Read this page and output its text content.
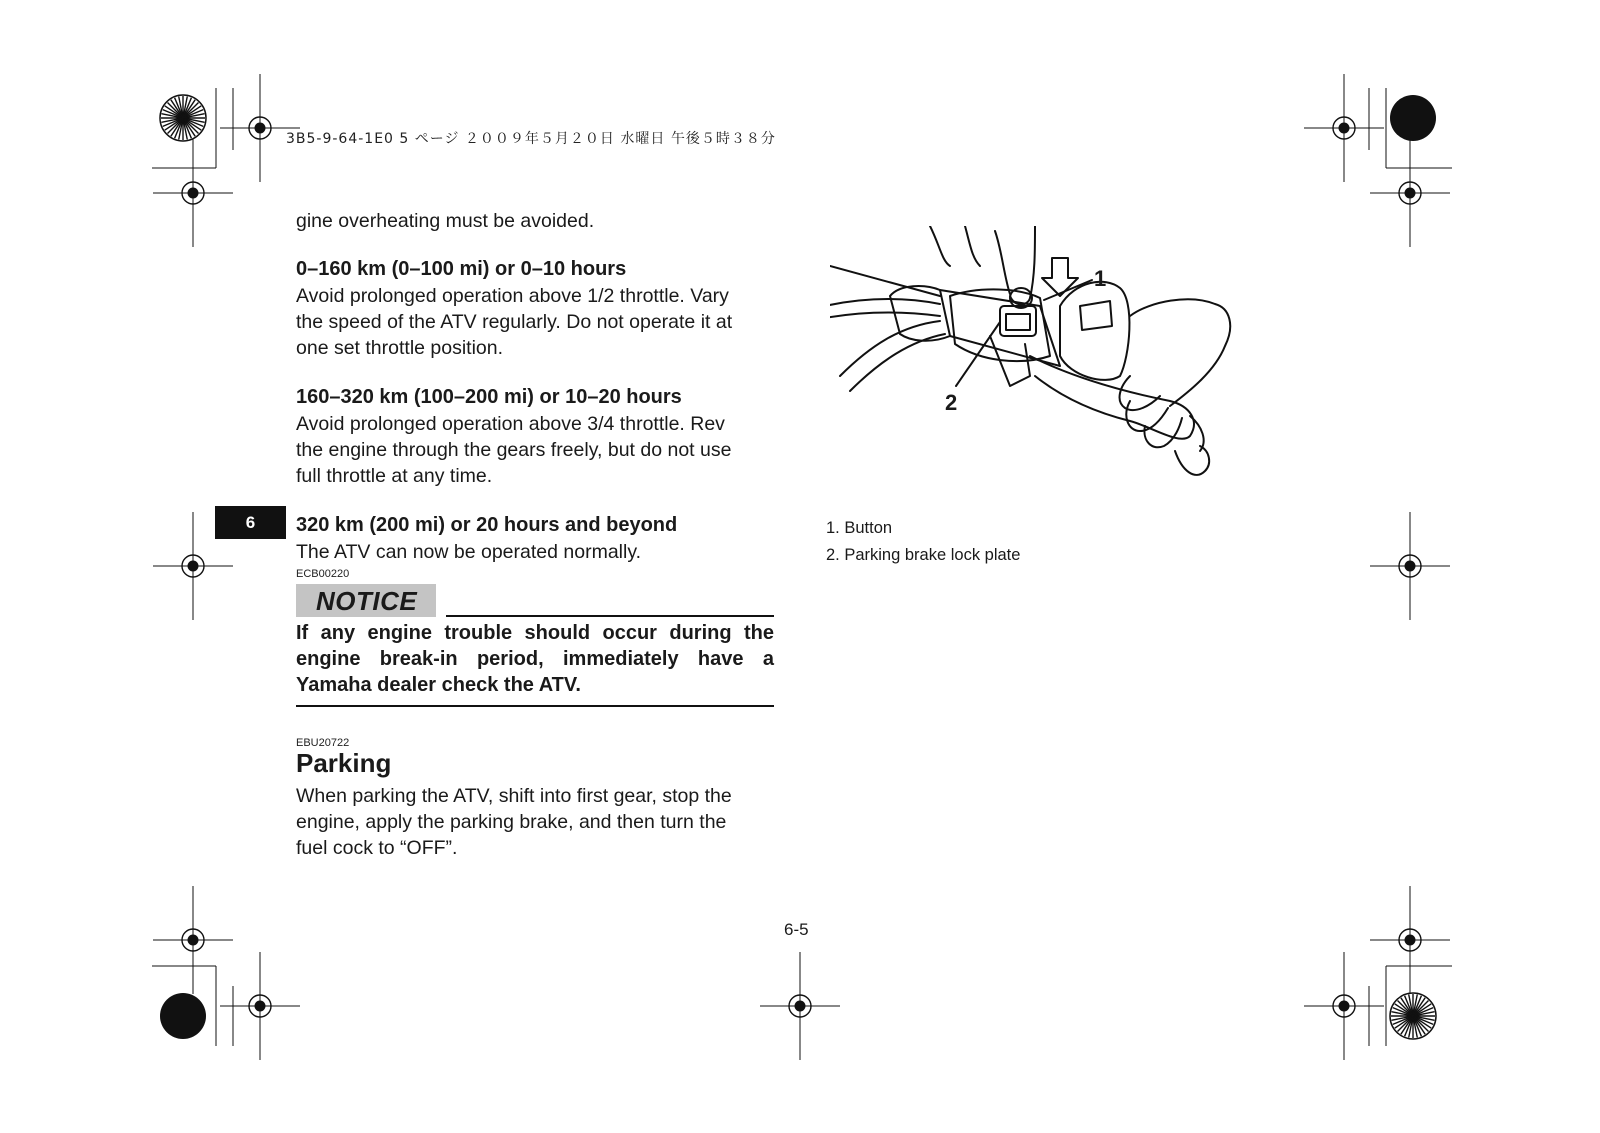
3B5-9-64-1E0 5 ページ ２００９年５月２０日 水曜日 午後５時３８分
6

gine overheating must be avoided.

0–160 km (0–100 mi) or 0–10 hours

Avoid prolonged operation above 1/2 throttle. Vary

the speed of the ATV regularly. Do not operate it at

one set throttle position.

160–320 km (100–200 mi) or 10–20 hours

Avoid prolonged operation above 3/4 throttle. Rev

the engine through the gears freely, but do not use

full throttle at any time.

320 km (200 mi) or 20 hours and beyond

The ATV can now be operated normally.

ECB00220
NOTICE
If any engine trouble should occur during the
engine break-in period, immediately have a
Yamaha dealer check the ATV.
EBU20722
Parking

When parking the ATV, shift into first gear, stop the

engine, apply the parking brake, and then turn the

fuel cock to “OFF”.

1
2
1. Button
2. Parking brake lock plate
6-5
